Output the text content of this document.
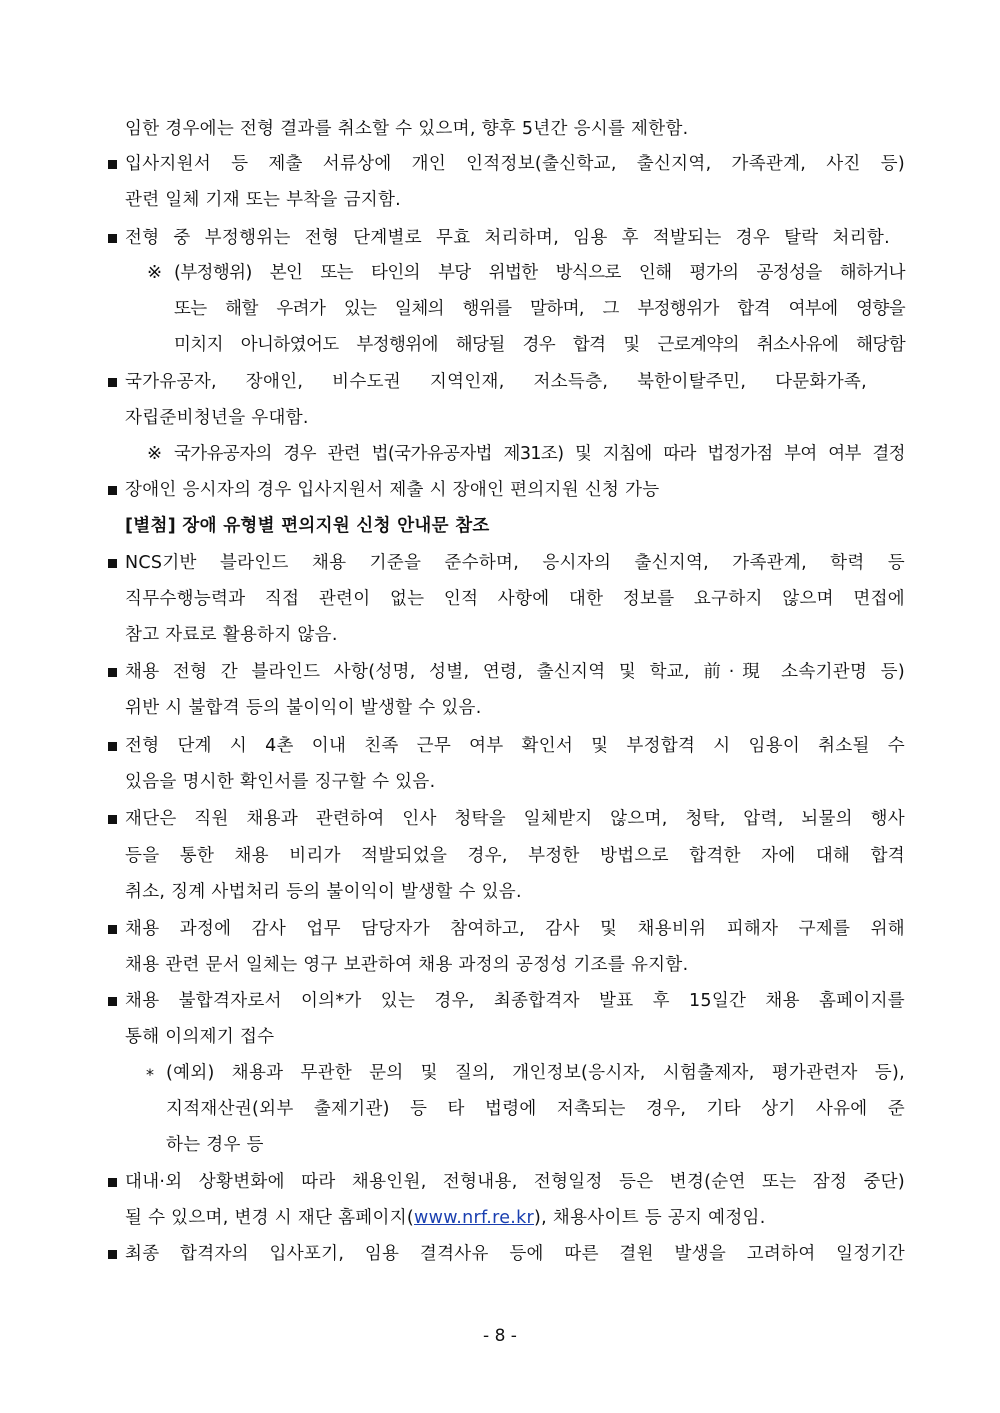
임한 경우에는 전형 결과를 취소할 수 있으며, 향후 5년간 응시를 제한함.
입사지원서 등 제출 서류상에 개인 인적정보(출신학교, 출신지역, 가족관계, 사진 등)
관련 일체 기재 또는 부착을 금지함.
전형 중 부정행위는 전형 단계별로 무효 처리하며, 임용 후 적발되는 경우 탈락 처리함.
※ (부정행위) 본인 또는 타인의 부당 위법한 방식으로 인해 평가의 공정성을 해하거나
또는 해할 우려가 있는 일체의 행위를 말하며, 그 부정행위가 합격 여부에 영향을
미치지 아니하였어도 부정행위에 해당될 경우 합격 및 근로계약의 취소사유에 해당함
국가유공자, 장애인, 비수도권 지역인재, 저소득층, 북한이탈주민, 다문화가족,
자립준비청년을 우대함.
※ 국가유공자의 경우 관련 법(국가유공자법 제31조) 및 지침에 따라 법정가점 부여 여부 결정
장애인 응시자의 경우 입사지원서 제출 시 장애인 편의지원 신청 가능
[별첨] 장애 유형별 편의지원 신청 안내문 참조
NCS기반 블라인드 채용 기준을 준수하며, 응시자의 출신지역, 가족관계, 학력 등
직무수행능력과 직접 관련이 없는 인적 사항에 대한 정보를 요구하지 않으며 면접에
참고 자료로 활용하지 않음.
채용 전형 간 블라인드 사항(성명, 성별, 연령, 출신지역 및 학교, 前·現 소속기관명 등)
위반 시 불합격 등의 불이익이 발생할 수 있음.
전형 단계 시 4촌 이내 친족 근무 여부 확인서 및 부정합격 시 임용이 취소될 수
있음을 명시한 확인서를 징구할 수 있음.
재단은 직원 채용과 관련하여 인사 청탁을 일체받지 않으며, 청탁, 압력, 뇌물의 행사
등을 통한 채용 비리가 적발되었을 경우, 부정한 방법으로 합격한 자에 대해 합격
취소, 징계 사법처리 등의 불이익이 발생할 수 있음.
채용 과정에 감사 업무 담당자가 참여하고, 감사 및 채용비위 피해자 구제를 위해
채용 관련 문서 일체는 영구 보관하여 채용 과정의 공정성 기조를 유지함.
채용 불합격자로서 이의*가 있는 경우, 최종합격자 발표 후 15일간 채용 홈페이지를
통해 이의제기 접수
* (예외) 채용과 무관한 문의 및 질의, 개인정보(응시자, 시험출제자, 평가관련자 등),
지적재산권(외부 출제기관) 등 타 법령에 저촉되는 경우, 기타 상기 사유에 준
하는 경우 등
대내·외 상황변화에 따라 채용인원, 전형내용, 전형일정 등은 변경(순연 또는 잠정 중단)
될 수 있으며, 변경 시 재단 홈페이지(www.nrf.re.kr), 채용사이트 등 공지 예정임.
최종 합격자의 입사포기, 임용 결격사유 등에 따른 결원 발생을 고려하여 일정기간
- 8 -
